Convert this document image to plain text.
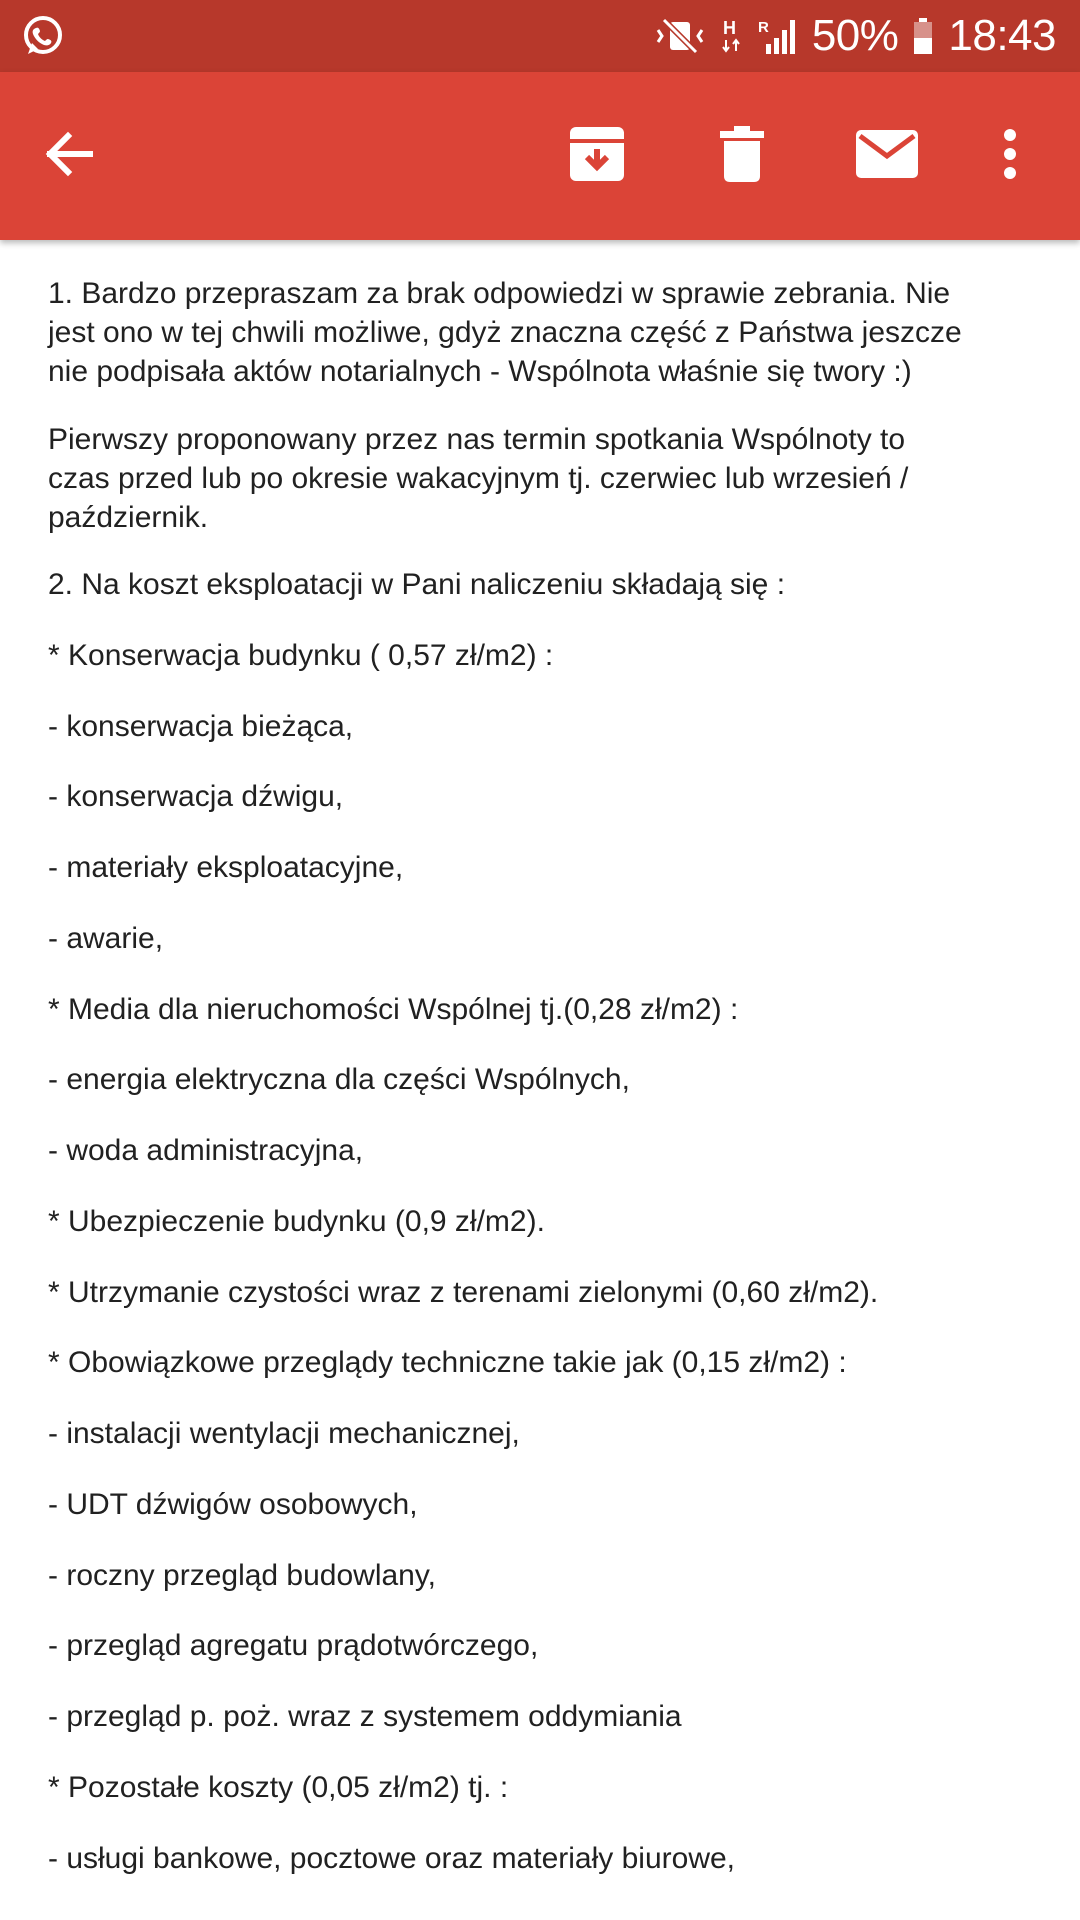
H R 50% 18:43

1. Bardzo przepraszam za brak odpowiedzi w sprawie zebrania. Nie
jest ono w tej chwili możliwe, gdyż znaczna część z Państwa jeszcze
nie podpisała aktów notarialnych - Wspólnota właśnie się twory :)

Pierwszy proponowany przez nas termin spotkania Wspólnoty to
czas przed lub po okresie wakacyjnym tj. czerwiec lub wrzesień /
październik.

2. Na koszt eksploatacji w Pani naliczeniu składają się :

* Konserwacja budynku ( 0,57 zł/m2) :

- konserwacja bieżąca,

- konserwacja dźwigu,

- materiały eksploatacyjne,

- awarie,

* Media dla nieruchomości Wspólnej tj.(0,28 zł/m2) :

- energia elektryczna dla części Wspólnych,

- woda administracyjna,

* Ubezpieczenie budynku (0,9 zł/m2).

* Utrzymanie czystości wraz z terenami zielonymi (0,60 zł/m2).

* Obowiązkowe przeglądy techniczne takie jak (0,15 zł/m2) :

- instalacji wentylacji mechanicznej,

- UDT dźwigów osobowych,

- roczny przegląd budowlany,

- przegląd agregatu prądotwórczego,

- przegląd p. poż. wraz z systemem oddymiania

* Pozostałe koszty (0,05 zł/m2) tj. :

- usługi bankowe, pocztowe oraz materiały biurowe,
